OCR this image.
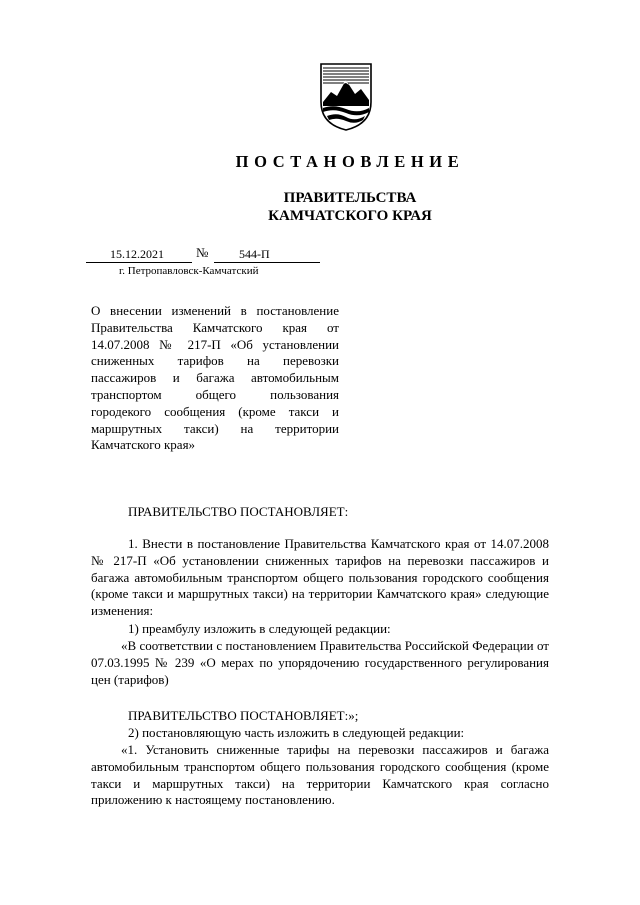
ПОСТАНОВЛЕНИЕ
ПРАВИТЕЛЬСТВА
КАМЧАТСКОГО КРАЯ
15.12.2021 №	544-П
г. Петропавловск-Камчатский
О внесении изменений в постановление Правительства Камчатского края от 14.07.2008 № 217-П «Об установлении сниженных тарифов на перевозки пассажиров и багажа автомобильным транспортом общего пользования городекого сообщения (кроме такси и маршрутных такси) на территории
Камчатского края»
ПРАВИТЕЛЬСТВО ПОСТАНОВЛЯЕТ:
1. Внести в постановление Правительства Камчатского края от 14.07.2008 № 217-П «Об установлении сниженных тарифов на перевозки пассажиров и багажа автомобильным транспортом общего пользования городского сообщения (кроме такси и маршрутных такси) на территории Камчатского края» следующие изменения:
1) преамбулу изложить в следующей редакции:
«В соответствии с постановлением Правительства Российской Федерации от 07.03.1995 № 239 «О мерах по упорядочению государственного регулирования цен (тарифов)
ПРАВИТЕЛЬСТВО ПОСТАНОВЛЯЕТ:»;
2) постановляющую часть изложить в следующей редакции:
«1. Установить сниженные тарифы на перевозки пассажиров и багажа автомобильным транспортом общего пользования городского сообщения (кроме такси и маршрутных такси) на территории Камчатского края согласно приложению к настоящему постановлению.
